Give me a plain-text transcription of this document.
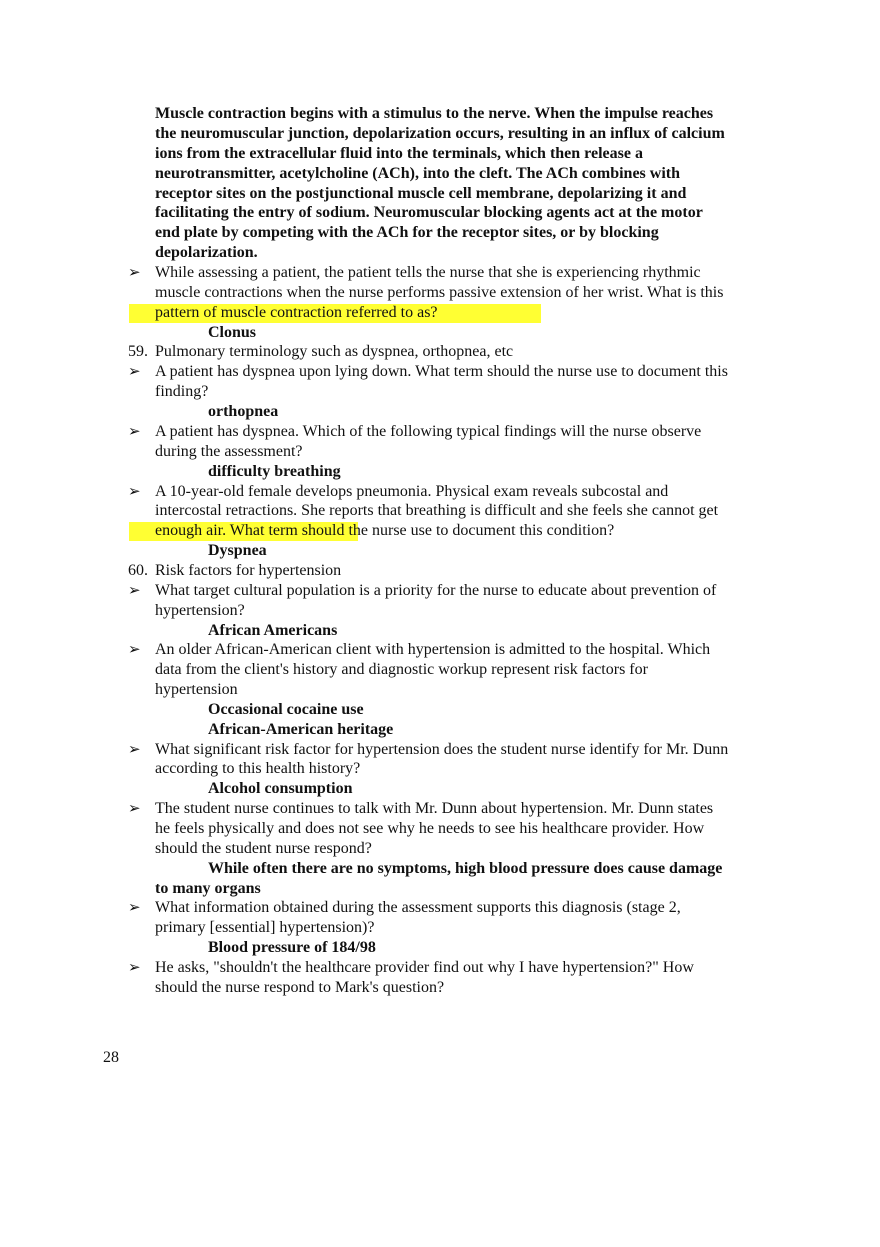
Muscle contraction begins with a stimulus to the nerve. When the impulse reaches
the neuromuscular junction, depolarization occurs, resulting in an influx of calcium
ions from the extracellular fluid into the terminals, which then release a
neurotransmitter, acetylcholine (ACh), into the cleft. The ACh combines with
receptor sites on the postjunctional muscle cell membrane, depolarizing it and
facilitating the entry of sodium. Neuromuscular blocking agents act at the motor
end plate by competing with the ACh for the receptor sites, or by blocking
depolarization.
➢ While assessing a patient, the patient tells the nurse that she is experiencing rhythmic
muscle contractions when the nurse performs passive extension of her wrist. What is this
pattern of muscle contraction referred to as?
Clonus
59. Pulmonary terminology such as dyspnea, orthopnea, etc
➢ A patient has dyspnea upon lying down. What term should the nurse use to document this
finding?
orthopnea
➢ A patient has dyspnea. Which of the following typical findings will the nurse observe
during the assessment?
difficulty breathing
➢ A 10-year-old female develops pneumonia. Physical exam reveals subcostal and
intercostal retractions. She reports that breathing is difficult and she feels she cannot get
enough air. What term should the nurse use to document this condition?
Dyspnea
60. Risk factors for hypertension
➢ What target cultural population is a priority for the nurse to educate about prevention of
hypertension?
African Americans
➢ An older African-American client with hypertension is admitted to the hospital. Which
data from the client's history and diagnostic workup represent risk factors for
hypertension
Occasional cocaine use
African-American heritage
➢ What significant risk factor for hypertension does the student nurse identify for Mr. Dunn
according to this health history?
Alcohol consumption
➢ The student nurse continues to talk with Mr. Dunn about hypertension. Mr. Dunn states
he feels physically and does not see why he needs to see his healthcare provider. How
should the student nurse respond?
While often there are no symptoms, high blood pressure does cause damage
to many organs
➢ What information obtained during the assessment supports this diagnosis (stage 2,
primary [essential] hypertension)?
Blood pressure of 184/98
➢ He asks, "shouldn't the healthcare provider find out why I have hypertension?" How
should the nurse respond to Mark's question?
28
